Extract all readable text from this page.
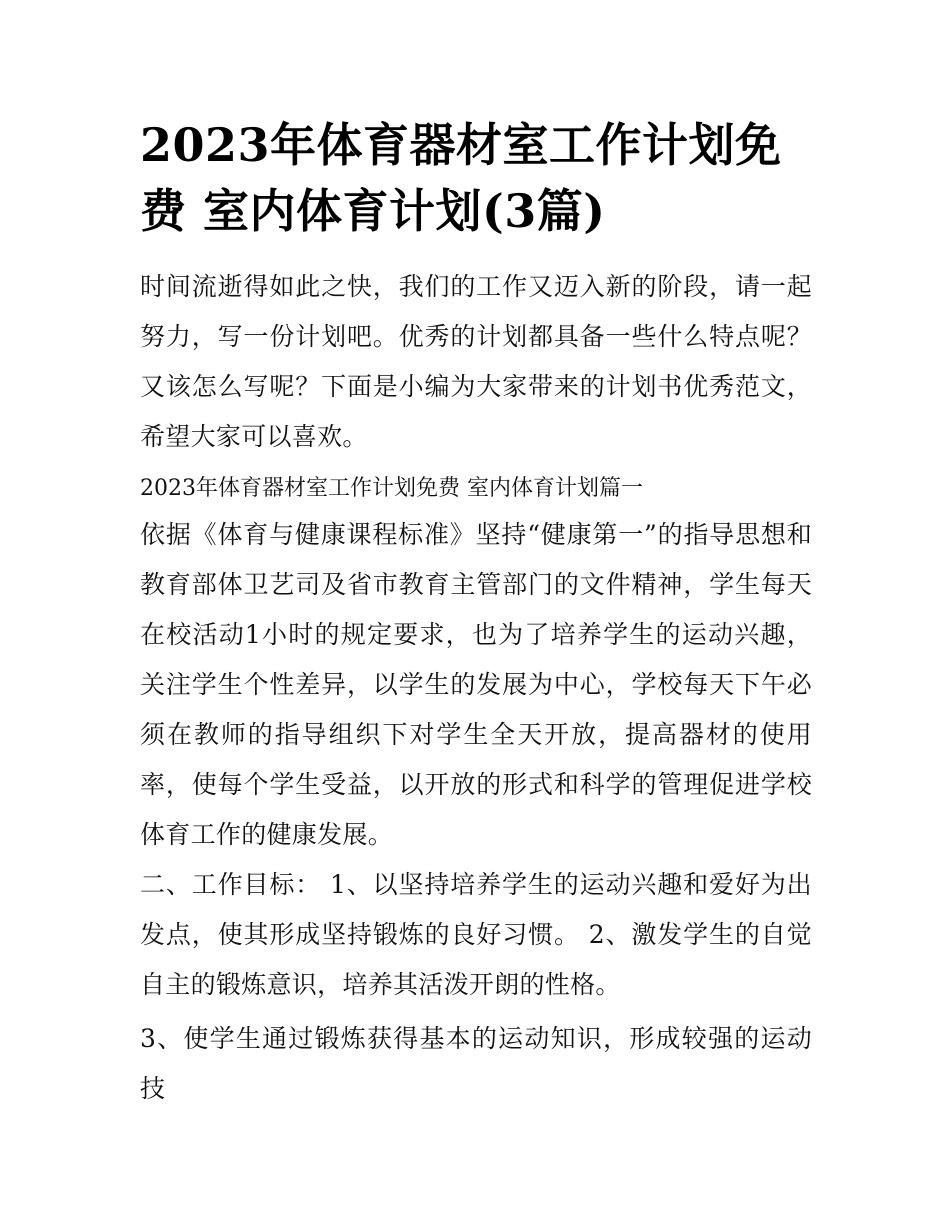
2023年体育器材室工作计划免费 室内体育计划(3篇)

时间流逝得如此之快，我们的工作又迈入新的阶段，请一起努力，写一份计划吧。优秀的计划都具备一些什么特点呢？又该怎么写呢？下面是小编为大家带来的计划书优秀范文，希望大家可以喜欢。

2023年体育器材室工作计划免费 室内体育计划篇一

依据《体育与健康课程标准》坚持“健康第一”的指导思想和教育部体卫艺司及省市教育主管部门的文件精神，学生每天在校活动1小时的规定要求，也为了培养学生的运动兴趣，关注学生个性差异，以学生的发展为中心，学校每天下午必须在教师的指导组织下对学生全天开放，提高器材的使用率，使每个学生受益，以开放的形式和科学的管理促进学校体育工作的健康发展。

二、工作目标： 1、以坚持培养学生的运动兴趣和爱好为出发点，使其形成坚持锻炼的良好习惯。 2、激发学生的自觉自主的锻炼意识，培养其活泼开朗的性格。

3、使学生通过锻炼获得基本的运动知识，形成较强的运动技
